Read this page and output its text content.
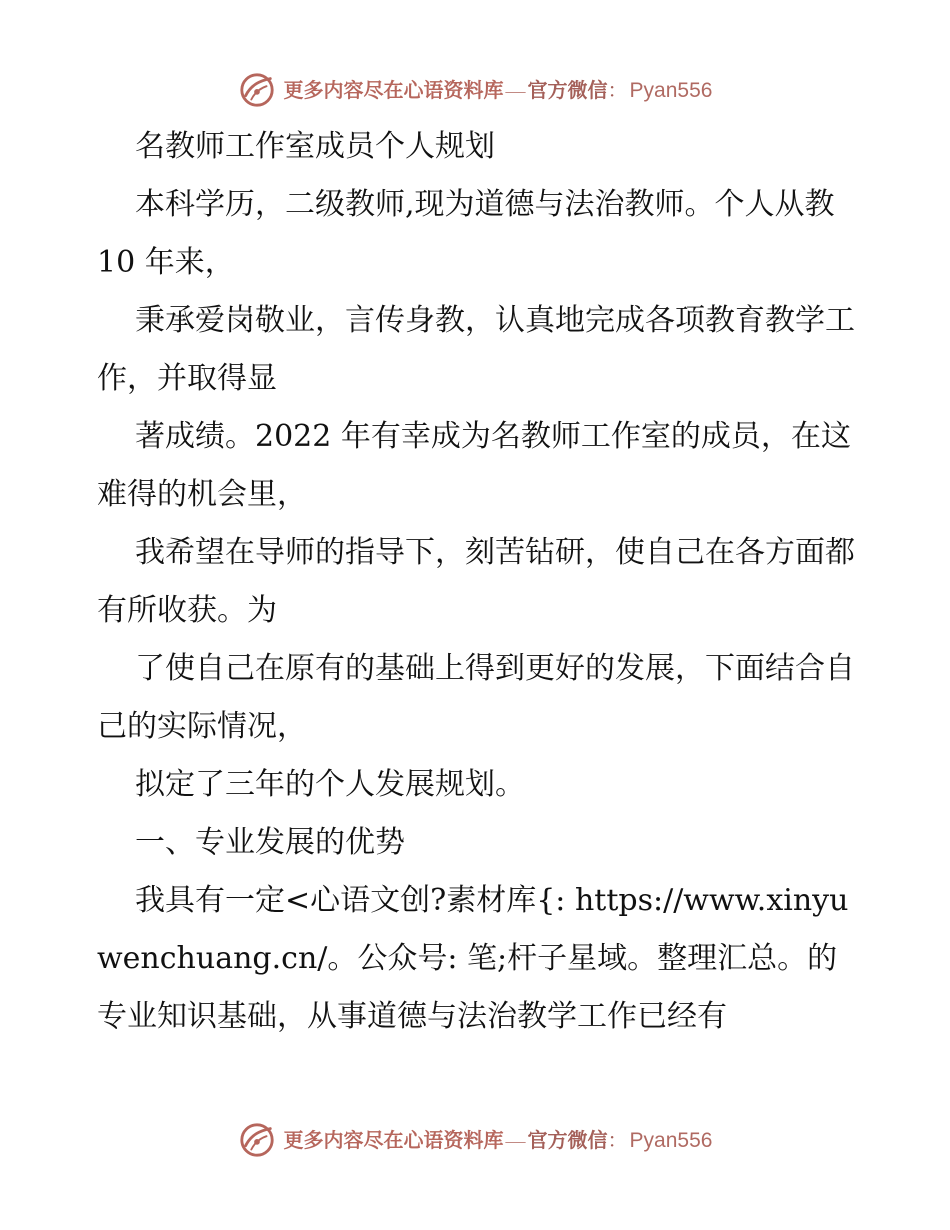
更多内容尽在心语资料库 — 官方微信 ： Pyan556

名教师工作室成员个人规划

本科学历，二级教师,现为道德与法治教师。个人从教 10 年来，

秉承爱岗敬业，言传身教，认真地完成各项教育教学工作，并取得显

著成绩。2022 年有幸成为名教师工作室的成员，在这难得的机会里，

我希望在导师的指导下，刻苦钻研，使自己在各方面都有所收获。为

了使自己在原有的基础上得到更好的发展，下面结合自己的实际情况，

拟定了三年的个人发展规划。

一、专业发展的优势

我具有一定<心语文创?素材库{: https://www.xinyuwenchuang.cn/。公众号: 笔;杆子星域。整理汇总。的专业知识基础，从事道德与法治教学工作已经有

更多内容尽在心语资料库 — 官方微信 ： Pyan556
